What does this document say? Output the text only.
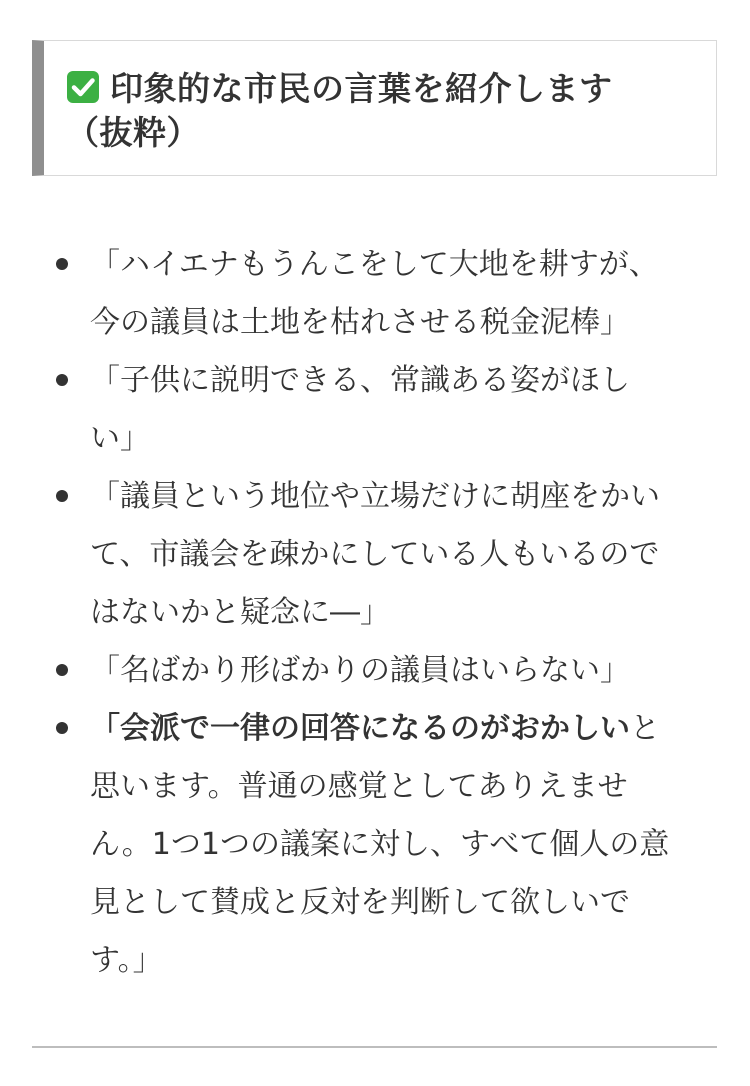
印象的な市民の言葉を紹介します
（抜粋）
「ハイエナもうんこをして大地を耕すが、
今の議員は土地を枯れさせる税金泥棒」
「子供に説明できる、常識ある姿がほし
い」
「議員という地位や立場だけに胡座をかい
て、市議会を疎かにしている人もいるので
はないかと疑念に―」
「名ばかり形ばかりの議員はいらない」
「会派で一律の回答になるのがおかしいと
思います。普通の感覚としてありえませ
ん。1つ1つの議案に対し、すべて個人の意
見として賛成と反対を判断して欲しいで
す。」
